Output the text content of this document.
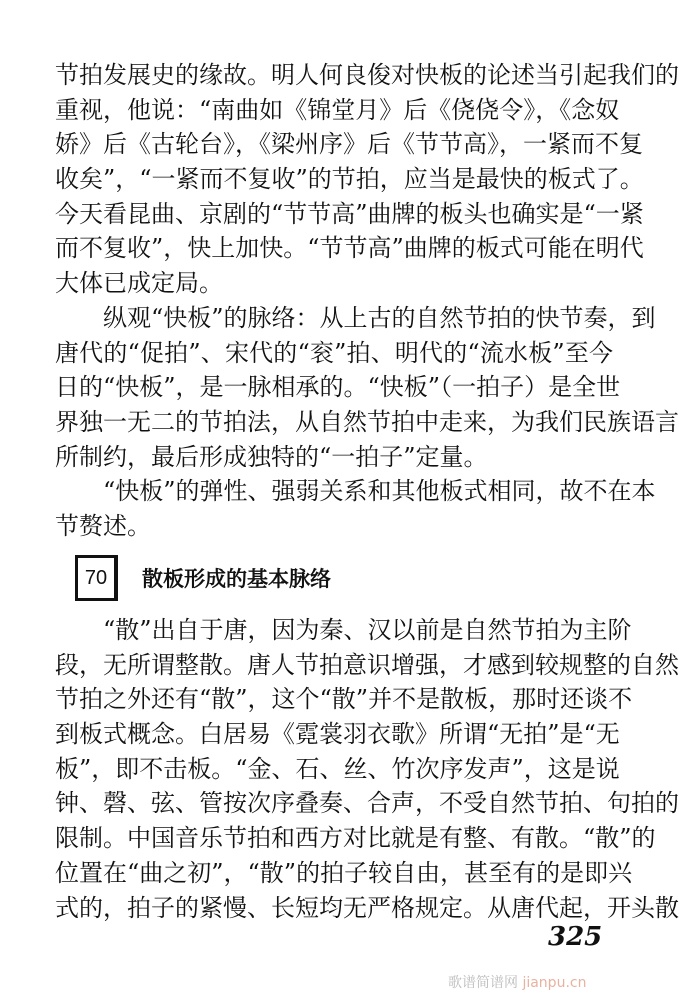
节拍发展史的缘故。明人何良俊对快板的论述当引起我们的
重视，他说：“南曲如《锦堂月》后《侥侥令》，《念奴
娇》后《古轮台》，《梁州序》后《节节高》，一紧而不复
收矣”，“一紧而不复收”的节拍，应当是最快的板式了。
今天看昆曲、京剧的“节节高”曲牌的板头也确实是“一紧
而不复收”，快上加快。“节节高”曲牌的板式可能在明代
大体已成定局。
纵观“快板”的脉络：从上古的自然节拍的快节奏，到
唐代的“促拍”、宋代的“衮”拍、明代的“流水板”至今
日的“快板”，是一脉相承的。“快板”（一拍子）是全世
界独一无二的节拍法，从自然节拍中走来，为我们民族语言
所制约，最后形成独特的“一拍子”定量。
“快板”的弹性、强弱关系和其他板式相同，故不在本
节赘述。
70	散板形成的基本脉络
“散”出自于唐，因为秦、汉以前是自然节拍为主阶
段，无所谓整散。唐人节拍意识增强，才感到较规整的自然
节拍之外还有“散”，这个“散”并不是散板，那时还谈不
到板式概念。白居易《霓裳羽衣歌》所谓“无拍”是“无
板”，即不击板。“金、石、丝、竹次序发声”，这是说
钟、磬、弦、管按次序叠奏、合声，不受自然节拍、句拍的
限制。中国音乐节拍和西方对比就是有整、有散。“散”的
位置在“曲之初”，“散”的拍子较自由，甚至有的是即兴
式的，拍子的紧慢、长短均无严格规定。从唐代起，开头散
325
歌谱简谱网 jianpu.cn
